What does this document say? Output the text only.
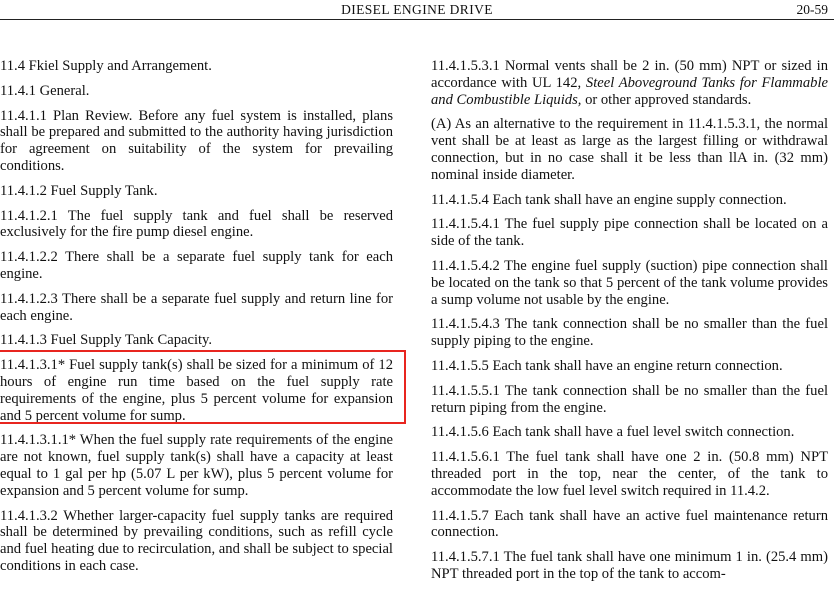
DIESEL ENGINE DRIVE	20-59

11.4 Fkiel Supply and Arrangement.

11.4.1 General.

11.4.1.1 Plan Review. Before any fuel system is installed, plans shall be prepared and submitted to the authority having jurisdiction for agreement on suitability of the system for prevailing conditions.

11.4.1.2 Fuel Supply Tank.

11.4.1.2.1 The fuel supply tank and fuel shall be reserved exclusively for the fire pump diesel engine.

11.4.1.2.2 There shall be a separate fuel supply tank for each engine.

11.4.1.2.3 There shall be a separate fuel supply and return line for each engine.

11.4.1.3 Fuel Supply Tank Capacity.

11.4.1.3.1* Fuel supply tank(s) shall be sized for a minimum of 12 hours of engine run time based on the fuel supply rate requirements of the engine, plus 5 percent volume for expansion and 5 percent volume for sump.

11.4.1.3.1.1* When the fuel supply rate requirements of the engine are not known, fuel supply tank(s) shall have a capacity at least equal to 1 gal per hp (5.07 L per kW), plus 5 percent volume for expansion and 5 percent volume for sump.

11.4.1.3.2 Whether larger-capacity fuel supply tanks are required shall be determined by prevailing conditions, such as refill cycle and fuel heating due to recirculation, and shall be subject to special conditions in each case.

11.4.1.5.3.1 Normal vents shall be 2 in. (50 mm) NPT or sized in accordance with UL 142, Steel Aboveground Tanks for Flammable and Combustible Liquids, or other approved standards.

(A) As an alternative to the requirement in 11.4.1.5.3.1, the normal vent shall be at least as large as the largest filling or withdrawal connection, but in no case shall it be less than llA in. (32 mm) nominal inside diameter.

11.4.1.5.4 Each tank shall have an engine supply connection.

11.4.1.5.4.1 The fuel supply pipe connection shall be located on a side of the tank.

11.4.1.5.4.2 The engine fuel supply (suction) pipe connection shall be located on the tank so that 5 percent of the tank volume provides a sump volume not usable by the engine.

11.4.1.5.4.3 The tank connection shall be no smaller than the fuel supply piping to the engine.

11.4.1.5.5 Each tank shall have an engine return connection.

11.4.1.5.5.1 The tank connection shall be no smaller than the fuel return piping from the engine.

11.4.1.5.6 Each tank shall have a fuel level switch connection.

11.4.1.5.6.1 The fuel tank shall have one 2 in. (50.8 mm) NPT threaded port in the top, near the center, of the tank to accommodate the low fuel level switch required in 11.4.2.

11.4.1.5.7 Each tank shall have an active fuel maintenance return connection.

11.4.1.5.7.1 The fuel tank shall have one minimum 1 in. (25.4 mm) NPT threaded port in the top of the tank to accom-
